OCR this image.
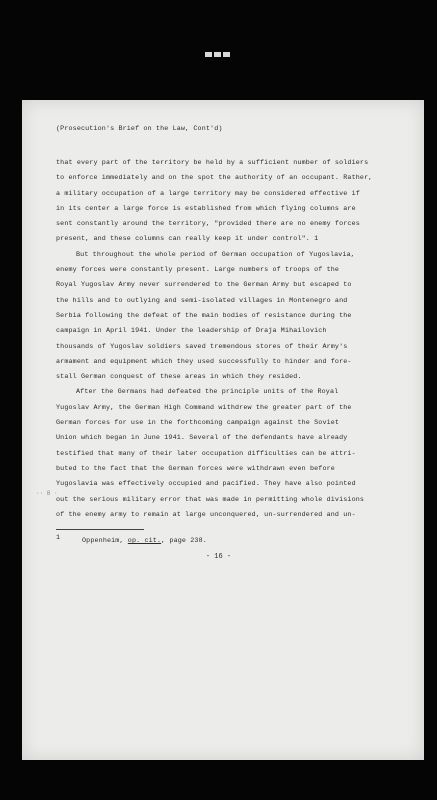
·· 8 ·
(Prosecution's Brief on the Law, Cont'd)

that every part of the territory be held by a sufficient number of soldiers

to enforce immediately and on the spot the authority of an occupant. Rather,

a military occupation of a large territory may be considered effective if

in its center a large force is established from which flying columns are

sent constantly around the territory, "provided there are no enemy forces

present, and these columns can really keep it under control". 1

But throughout the whole period of German occupation of Yugoslavia,

enemy forces were constantly present. Large numbers of troops of the

Royal Yugoslav Army never surrendered to the German Army but escaped to

the hills and to outlying and semi-isolated villages in Montenegro and

Serbia following the defeat of the main bodies of resistance during the

campaign in April 1941. Under the leadership of Draja Mihailovich

thousands of Yugoslav soldiers saved tremendous stores of their Army's

armament and equipment which they used successfully to hinder and fore-

stall German conquest of these areas in which they resided.

After the Germans had defeated the principle units of the Royal

Yugoslav Army, the German High Command withdrew the greater part of the

German forces for use in the forthcoming campaign against the Soviet

Union which began in June 1941. Several of the defendants have already

testified that many of their later occupation difficulties can be attri-

buted to the fact that the German forces were withdrawn even before

Yugoslavia was effectively occupied and pacified. They have also pointed

out the serious military error that was made in permitting whole divisions

of the enemy army to remain at large unconquered, un-surrendered and un-

1	Oppenheim, op. cit., page 238.
- 16 -
